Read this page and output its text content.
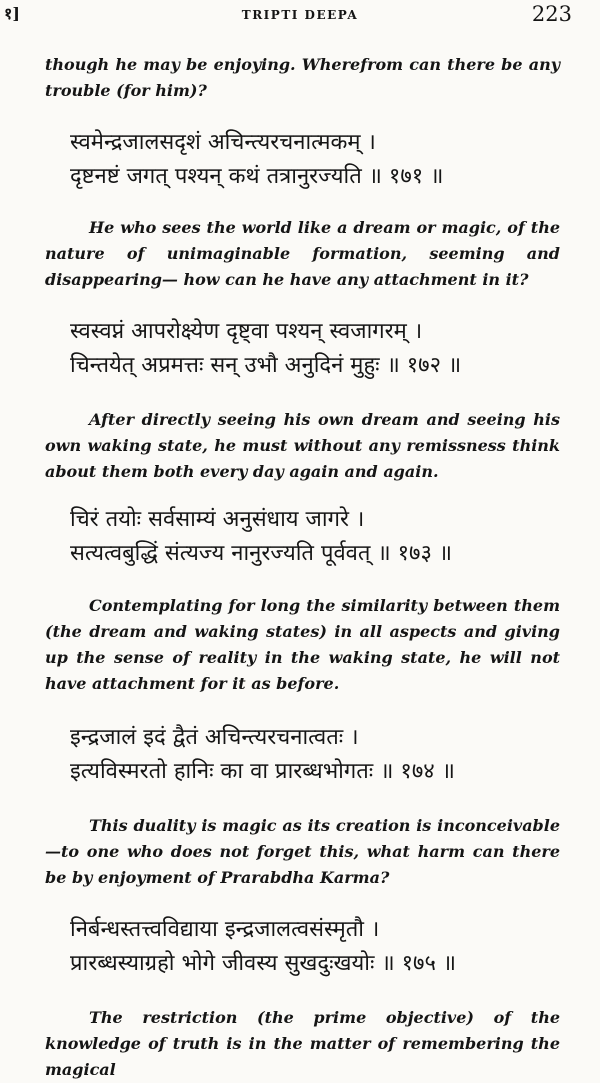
१]	TRIPTI DEEPA	223

though he may be enjoying. Wherefrom can there be any trouble (for him)?

स्वमेन्द्रजालसदृशं अचिन्त्यरचनात्मकम् ।
दृष्टनष्टं जगत् पश्यन् कथं तत्रानुरज्यति ॥ १७१ ॥

He who sees the world like a dream or magic, of the nature of unimaginable formation, seeming and disappearing— how can he have any attachment in it?

स्वस्वप्नं आपरोक्ष्येण दृष्ट्वा पश्यन् स्वजागरम् ।
चिन्तयेत् अप्रमत्तः सन् उभौ अनुदिनं मुहुः ॥ १७२ ॥

After directly seeing his own dream and seeing his own waking state, he must without any remissness think about them both every day again and again.

चिरं तयोः सर्वसाम्यं अनुसंधाय जागरे ।
सत्यत्वबुद्धिं संत्यज्य नानुरज्यति पूर्ववत् ॥ १७३ ॥

Contemplating for long the similarity between them (the dream and waking states) in all aspects and giving up the sense of reality in the waking state, he will not have attachment for it as before.

इन्द्रजालं इदं द्वैतं अचिन्त्यरचनात्वतः ।
इत्यविस्मरतो हानिः का वा प्रारब्धभोगतः ॥ १७४ ॥

This duality is magic as its creation is inconceivable —to one who does not forget this, what harm can there be by enjoyment of Prarabdha Karma?

निर्बन्धस्तत्त्वविद्याया इन्द्रजालत्वसंस्मृतौ ।
प्रारब्धस्याग्रहो भोगे जीवस्य सुखदुःखयोः ॥ १७५ ॥

The restriction (the prime objective) of the knowledge of truth is in the matter of remembering the magical
